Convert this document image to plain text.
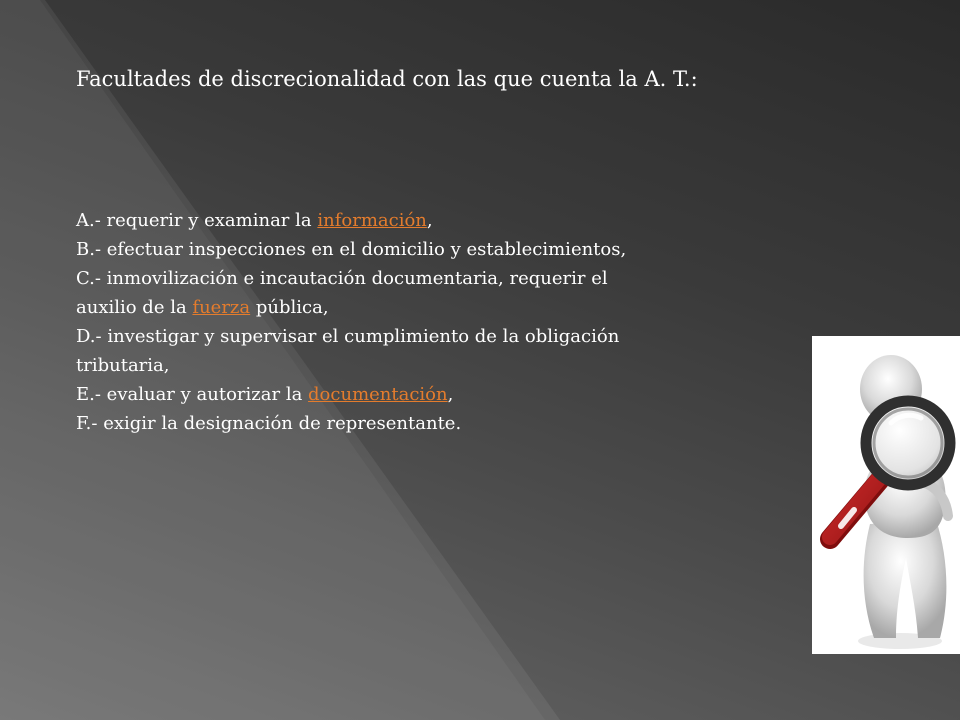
Facultades de discrecionalidad con las que cuenta la A. T.:
A.- requerir y examinar la información,
B.- efectuar inspecciones en el domicilio y establecimientos,
C.- inmovilización e incautación documentaria, requerir el
auxilio de la fuerza pública,
D.- investigar y supervisar el cumplimiento de la obligación
tributaria,
E.- evaluar y autorizar la documentación,
F.- exigir la designación de representante.
